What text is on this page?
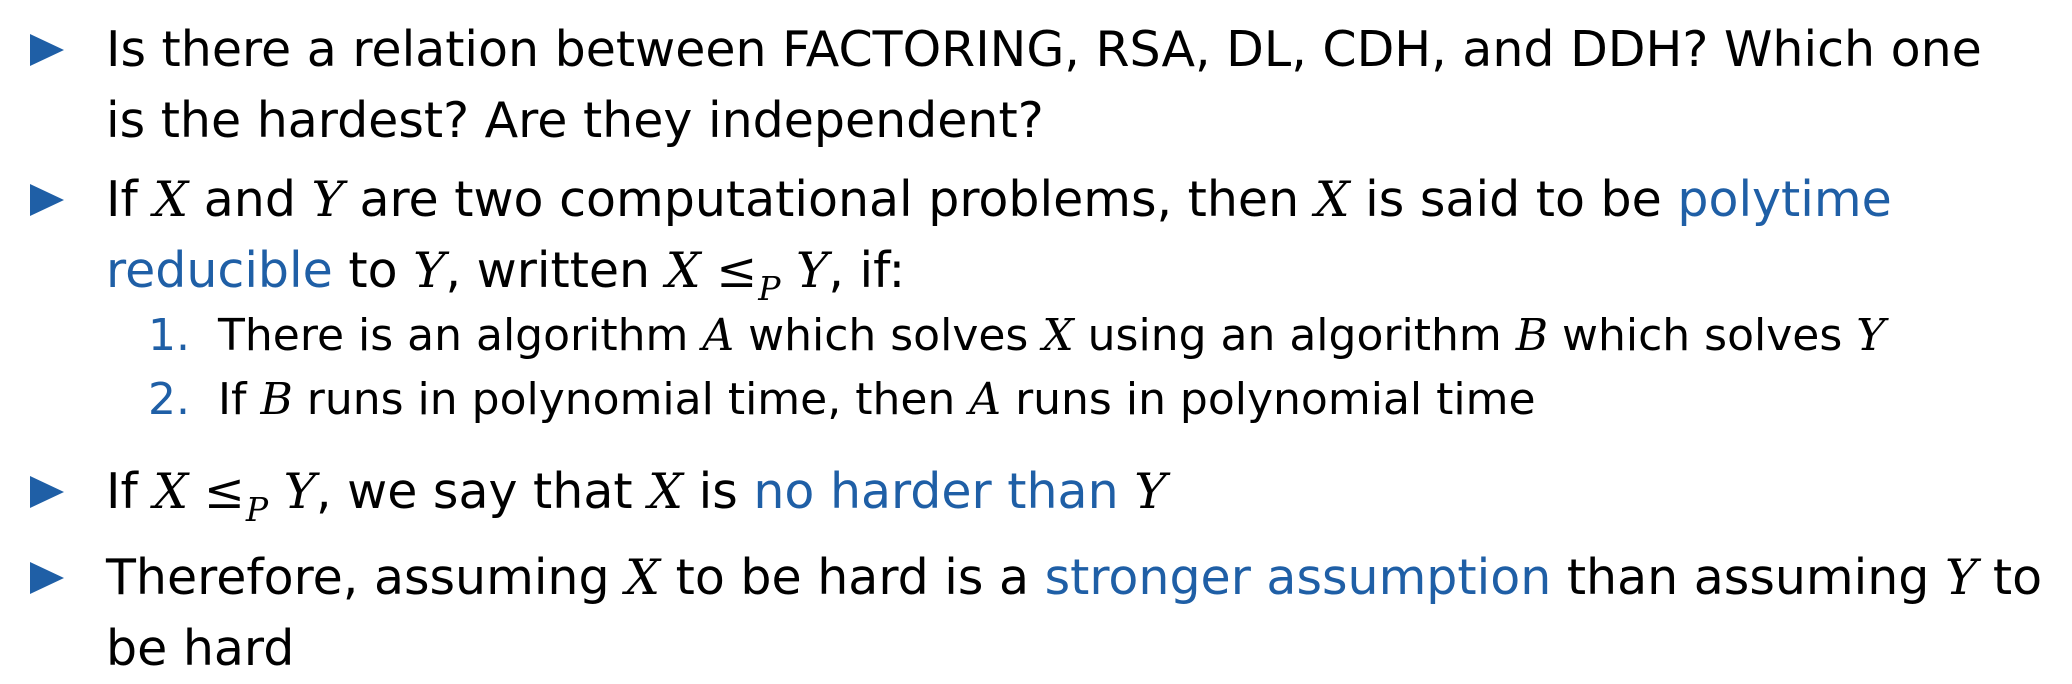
Is there a relation between FACTORING, RSA, DL, CDH, and DDH? Which one
is the hardest? Are they independent?
If X and Y are two computational problems, then X is said to be polytime
reducible to Y, written $X \le_P$ Y, if:
1. There is an algorithm A which solves X using an algorithm B which solves Y
2. If B runs in polynomial time, then A runs in polynomial time
If $X \le_P$ Y, we say that X is no harder than Y
Therefore, assuming X to be hard is a stronger assumption than assuming Y to
be hard
